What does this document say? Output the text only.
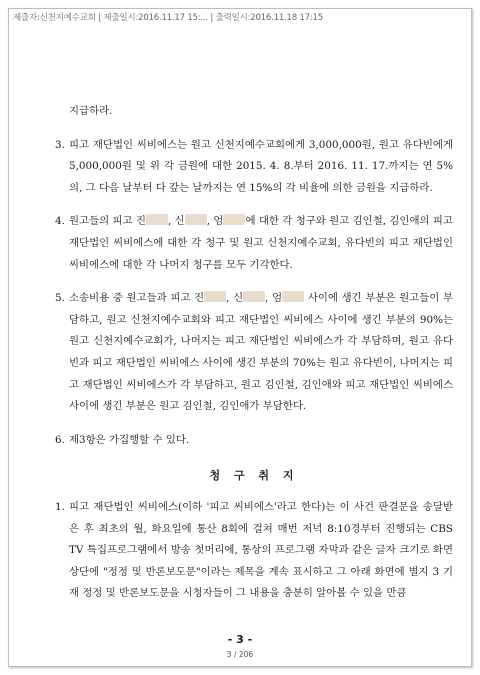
제출자:신천지예수교회 | 제출일시:2016.11.17 15:... | 출력일시:2016.11.18 17:15
지급하라.
3. 피고 재단법인 씨비에스는 원고 신천지예수교회에게 3,000,000원, 원고 유다빈에게 5,000,000원 및 위 각 금원에 대한 2015. 4. 8.부터 2016. 11. 17.까지는 연 5%의, 그 다음 날부터 다 갚는 날까지는 연 15%의 각 비율에 의한 금원을 지급하라.
4. 원고들의 피고 진 , 신 , 엄 에 대한 각 청구와 원고 김인철, 김인애의 피고 재단법인 씨비에스에 대한 각 청구 및 원고 신천지예수교회, 유다빈의 피고 재단법인 씨비에스에 대한 각 나머지 청구를 모두 기각한다.
5. 소송비용 중 원고들과 피고 진 , 신 , 엄 사이에 생긴 부분은 원고들이 부담하고, 원고 신천지예수교회와 피고 재단법인 씨비에스 사이에 생긴 부분의 90%는 원고 신천지예수교회가, 나머지는 피고 재단법인 씨비에스가 각 부담하며, 원고 유다빈과 피고 재단법인 씨비에스 사이에 생긴 부분의 70%는 원고 유다빈이, 나머지는 피고 재단법인 씨비에스가 각 부담하고, 원고 김인철, 김인애와 피고 재단법인 씨비에스 사이에 생긴 부분은 원고 김인철, 김인애가 부담한다.
6. 제3항은 가집행할 수 있다.
청 구 취 지
1. 피고 재단법인 씨비에스(이하 '피고 씨비에스'라고 한다)는 이 사건 판결문을 송달받은 후 최초의 월, 화요일에 통산 8회에 걸쳐 매번 저녁 8:10경부터 진행되는 CBS TV 특집프로그램에서 방송 첫머리에, 통상의 프로그램 자막과 같은 글자 크기로 화면 상단에 "정정 및 반론보도문"이라는 제목을 계속 표시하고 그 아래 화면에 별지 3 기재 정정 및 반론보도문을 시청자들이 그 내용을 충분히 알아볼 수 있을 만큼
- 3 -
3 / 206
